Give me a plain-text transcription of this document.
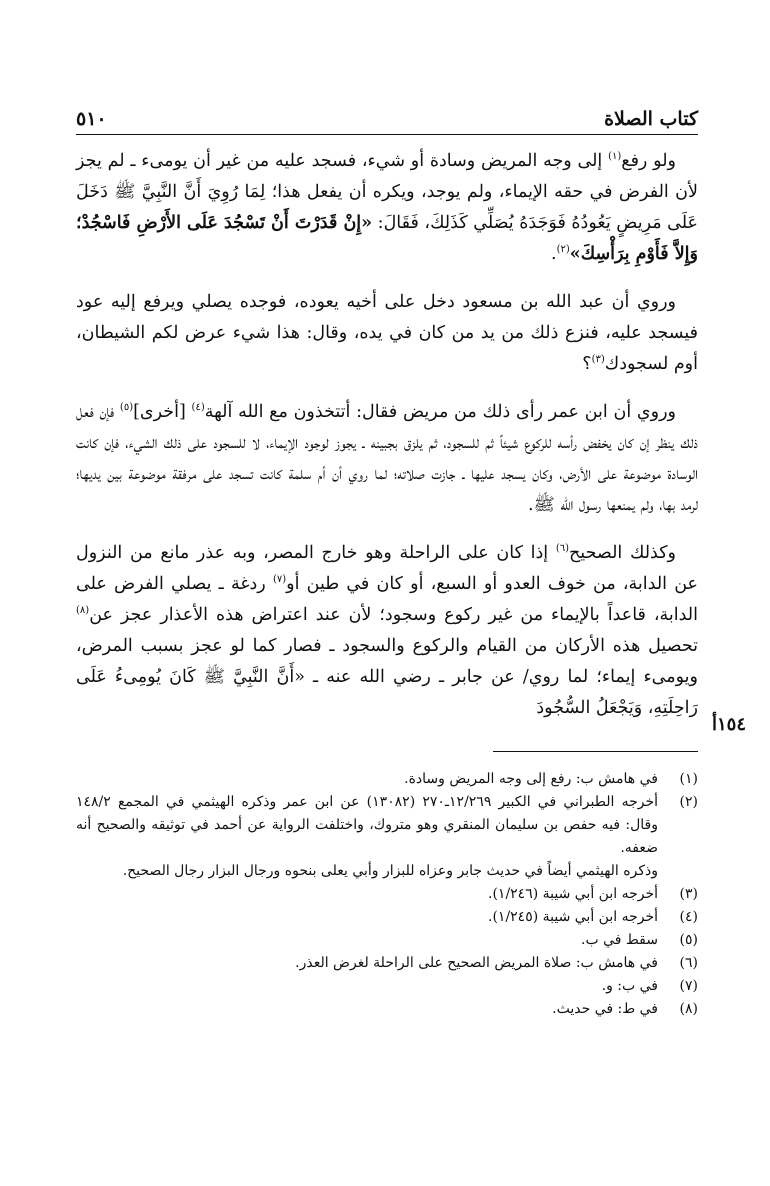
كتاب الصلاة
٥١٠

ولو رفع$^{(١)}$ إلى وجه المريض وسادة أو شيء، فسجد عليه من غير أن يومىء ـ لم يجز لأن الفرض في حقه الإيماء، ولم يوجد، ويكره أن يفعل هذا؛ لِمَا رُوِيَ أَنَّ النَّبِيَّ ﷺ دَخَلَ عَلَى مَرِيضٍ يَعُودُهُ فَوَجَدَهُ يُصَلِّي كَذَلِكَ، فَقَالَ: «إِنْ قَدَرْتَ أَنْ تَسْجُدَ عَلَى الأَرْضِ فَاسْجُدْ؛ وَإِلاَّ فَأَوْمِ بِرَأْسِكَ»$^{(٢)}$.

وروي أن عبد الله بن مسعود دخل على أخيه يعوده، فوجده يصلي ويرفع إليه عود فيسجد عليه، فنزع ذلك من يد من كان في يده، وقال: هذا شيء عرض لكم الشيطان، أوم لسجودك$^{(٣)}$؟

وروي أن ابن عمر رأى ذلك من مريض فقال: أتتخذون مع الله آلهة$^{(٤)}$ [أخرى]$^{(٥)}$ فإن فعل ذلك ينظر إن كان يخفض رأسه للركوع شيئاً ثم للسجود، ثم يلزق بجبينه ـ يجوز لوجود الإيماء، لا للسجود على ذلك الشيء، فإن كانت الوسادة موضوعة على الأرض، وكان يسجد عليها ـ جازت صلاته؛ لما روي أن أم سلمة كانت تسجد على مرفقة موضوعة بين يديها؛ لرمد بها، ولم يمنعها رسول الله ﷺ.

وكذلك الصحيح$^{(٦)}$ إذا كان على الراحلة وهو خارج المصر، وبه عذر مانع من النزول عن الدابة، من خوف العدو أو السبع، أو كان في طين أو$^{(٧)}$ ردغة ـ يصلي الفرض على الدابة، قاعداً بالإيماء من غير ركوع وسجود؛ لأن عند اعتراض هذه الأعذار عجز عن$^{(٨)}$ تحصيل هذه الأركان من القيام والركوع والسجود ـ فصار كما لو عجز بسبب المرض، ويومىء إيماء؛ لما روي/ عن جابر ـ رضي الله عنه ـ «أَنَّ النَّبِيَّ ﷺ كَانَ يُومِىءُ عَلَى رَاحِلَتِهِ، وَيَجْعَلُ السُّجُودَ

١٥٤أ
(١)
في هامش ب: رفع إلى وجه المريض وسادة.
(٢)
أخرجه الطبراني في الكبير ١٢/٢٦٩ـ٢٧٠ (١٣٠٨٢) عن ابن عمر وذكره الهيثمي في المجمع ١٤٨/٢ وقال: فيه حفص بن سليمان المنقري وهو متروك، واختلفت الرواية عن أحمد في توثيقه والصحيح أنه ضعفه.
وذكره الهيثمي أيضاً في حديث جابر وعزاه للبزار وأبي يعلى بنحوه ورجال البزار رجال الصحيح.
(٣)
أخرجه ابن أبي شيبة (١/٢٤٦).
(٤)
أخرجه ابن أبي شيبة (١/٢٤٥).
(٥)
سقط في ب.
(٦)
في هامش ب: صلاة المريض الصحيح على الراحلة لغرض العذر.
(٧)
في ب: و.
(٨)
في ط: في حديث.
